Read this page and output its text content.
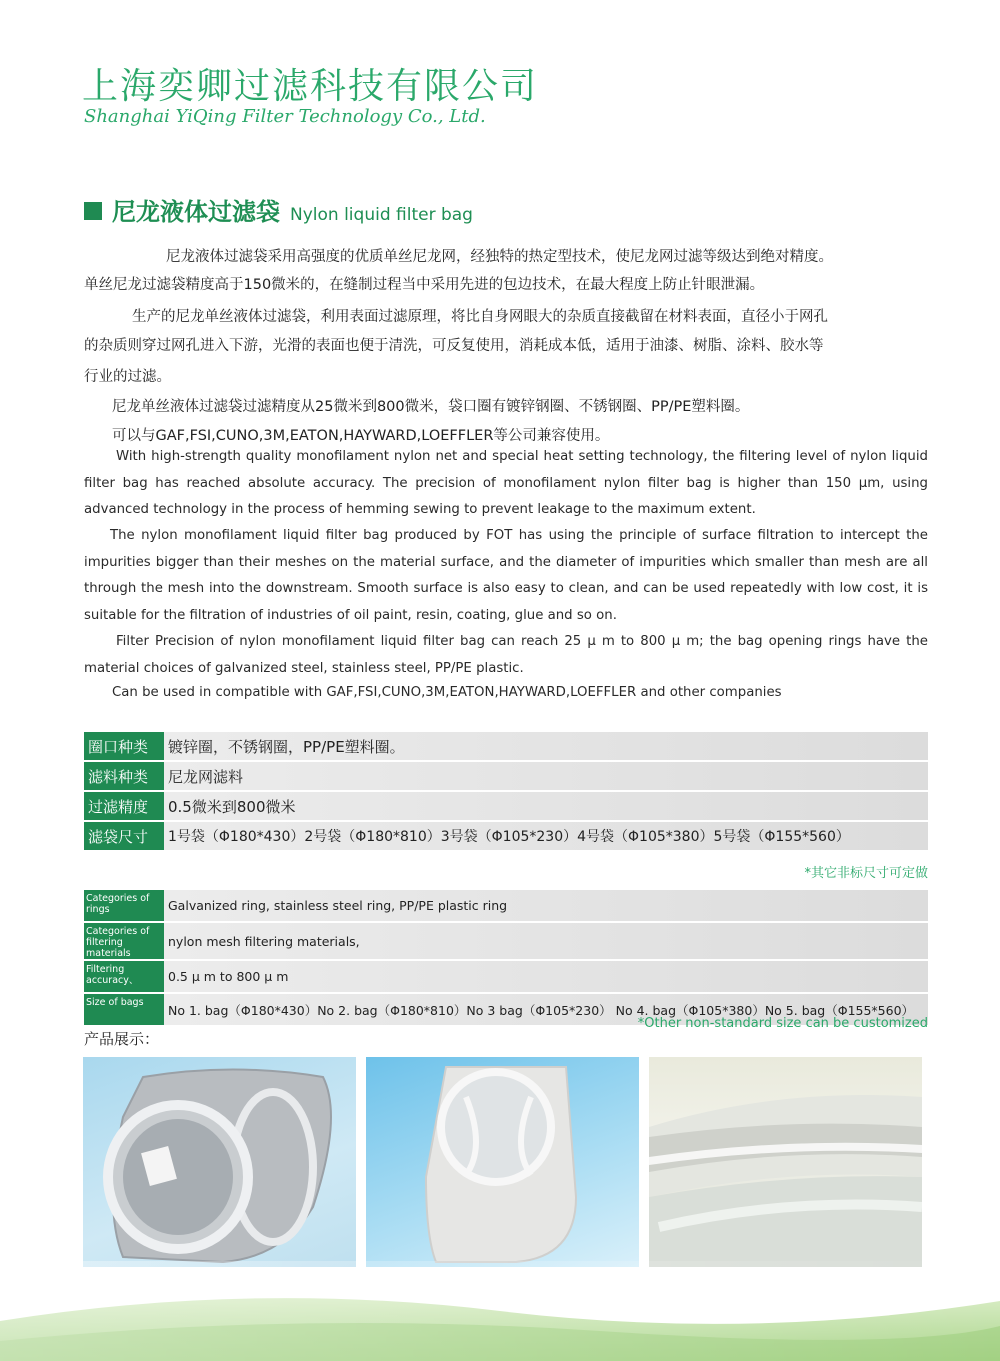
上海奕卿过滤科技有限公司
Shanghai YiQing Filter Technology Co., Ltd.
尼龙液体过滤袋 Nylon liquid filter bag
尼龙液体过滤袋采用高强度的优质单丝尼龙网，经独特的热定型技术，使尼龙网过滤等级达到绝对精度。
单丝尼龙过滤袋精度高于150微米的，在缝制过程当中采用先进的包边技术，在最大程度上防止针眼泄漏。
生产的尼龙单丝液体过滤袋，利用表面过滤原理，将比自身网眼大的杂质直接截留在材料表面，直径小于网孔
的杂质则穿过网孔进入下游，光滑的表面也便于清洗，可反复使用，消耗成本低，适用于油漆、树脂、涂料、胶水等
行业的过滤。
尼龙单丝液体过滤袋过滤精度从25微米到800微米，袋口圈有镀锌钢圈、不锈钢圈、PP/PE塑料圈。
可以与GAF,FSI,CUNO,3M,EATON,HAYWARD,LOEFFLER等公司兼容使用。
With high-strength quality monofilament nylon net and special heat setting technology, the filtering level of nylon liquid filter bag has reached absolute accuracy. The precision of monofilament nylon filter bag is higher than 150 μm, using advanced technology in the process of hemming sewing to prevent leakage to the maximum extent.
The nylon monofilament liquid filter bag produced by FOT has using the principle of surface filtration to intercept the impurities bigger than their meshes on the material surface, and the diameter of impurities which smaller than mesh are all through the mesh into the downstream. Smooth surface is also easy to clean, and can be used repeatedly with low cost, it is suitable for the filtration of industries of oil paint, resin, coating, glue and so on.
Filter Precision of nylon monofilament liquid filter bag can reach 25 μ m to 800 μ m; the bag opening rings have the material choices of galvanized steel, stainless steel, PP/PE plastic.
Can be used in compatible with GAF,FSI,CUNO,3M,EATON,HAYWARD,LOEFFLER and other companies
圈口种类	镀锌圈，不锈钢圈，PP/PE塑料圈。
滤料种类	尼龙网滤料
过滤精度	0.5微米到800微米
滤袋尺寸	1号袋（Φ180*430）2号袋（Φ180*810）3号袋（Φ105*230）4号袋（Φ105*380）5号袋（Φ155*560）
*其它非标尺寸可定做
Categories of rings	Galvanized ring, stainless steel ring, PP/PE plastic ring
Categories of filtering materials	nylon mesh filtering materials,
Filtering accuracy、	0.5 μ m to 800 μ m
Size of bags	No 1. bag（Φ180*430）No 2. bag（Φ180*810）No 3 bag（Φ105*230） No 4. bag（Φ105*380）No 5. bag（Φ155*560）
*Other non-standard size can be customized
产品展示：
